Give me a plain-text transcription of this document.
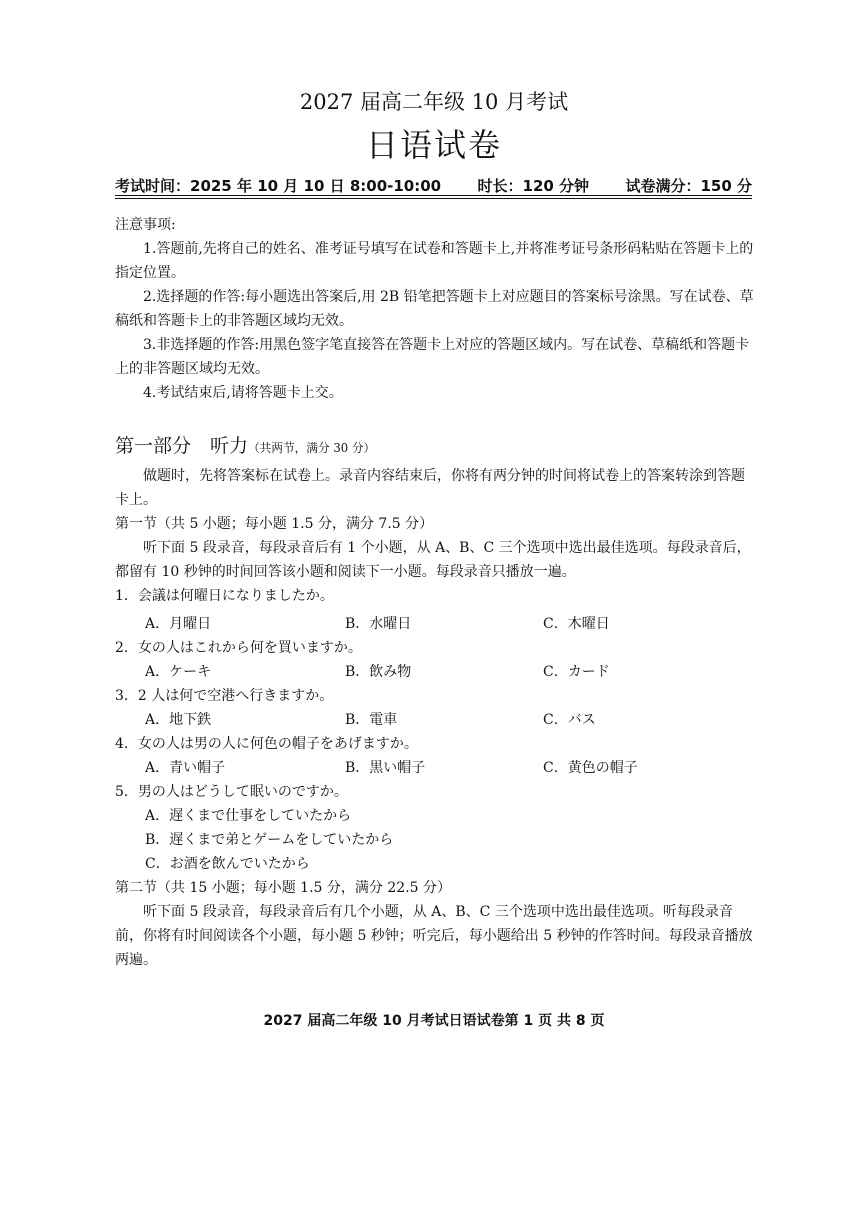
2027 届高二年级 10 月考试
日语试卷
考试时间：2025 年 10 月 10 日 8:00-10:00 时长：120 分钟 试卷满分：150 分

注意事项:

1.答题前,先将自己的姓名、准考证号填写在试卷和答题卡上,并将准考证号条形码粘贴在答题卡上的指定位置。

2.选择题的作答:每小题选出答案后,用 2B 铅笔把答题卡上对应题目的答案标号涂黑。写在试卷、草稿纸和答题卡上的非答题区域均无效。

3.非选择题的作答:用黑色签字笔直接答在答题卡上对应的答题区域内。写在试卷、草稿纸和答题卡上的非答题区域均无效。

4.考试结束后,请将答题卡上交。

第一部分　听力（共两节，满分 30 分）

做题时，先将答案标在试卷上。录音内容结束后，你将有两分钟的时间将试卷上的答案转涂到答题卡上。

第一节（共 5 小题；每小题 1.5 分，满分 7.5 分）

听下面 5 段录音，每段录音后有 1 个小题，从 A、B、C 三个选项中选出最佳选项。每段录音后，都留有 10 秒钟的时间回答该小题和阅读下一小题。每段录音只播放一遍。

1．会議は何曜日になりましたか。
A．月曜日	B．水曜日	C．木曜日
2．女の人はこれから何を買いますか。
A．ケーキ	B．飲み物	C．カード
3．2 人は何で空港へ行きますか。
A．地下鉄	B．電車	C．バス
4．女の人は男の人に何色の帽子をあげますか。
A．青い帽子	B．黒い帽子	C．黄色の帽子
5．男の人はどうして眠いのですか。
A．遅くまで仕事をしていたから
B．遅くまで弟とゲームをしていたから
C．お酒を飲んでいたから

第二节（共 15 小题；每小题 1.5 分，满分 22.5 分）

听下面 5 段录音，每段录音后有几个小题，从 A、B、C 三个选项中选出最佳选项。听每段录音前，你将有时间阅读各个小题，每小题 5 秒钟；听完后，每小题给出 5 秒钟的作答时间。每段录音播放两遍。

2027 届高二年级 10 月考试日语试卷第 1 页 共 8 页
